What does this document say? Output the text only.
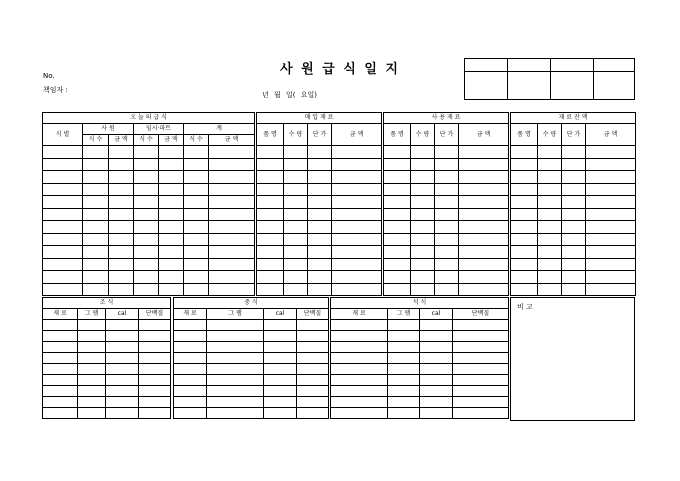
사 원 급 식 일 지
No.
책임자 :
년 월 일( 요일)
오 늘 의 급 식						
식 별	사 원		임시·파트		계	
	식 수	금 액	식 수	금 액	식 수	금 액

매 입 재 료			
품 명	수 량	단 가	금 액

사 용 재 료			
품 명	수 량	단 가	금 액

재 료 잔 액			
품 명	수 량	단 가	금 액

조 식			
재 료	그 램	cal	단백질

중 식			
재 료	그 램	cal	단백질

석 식			
재 료	그 램	cal	단백질

비 고
